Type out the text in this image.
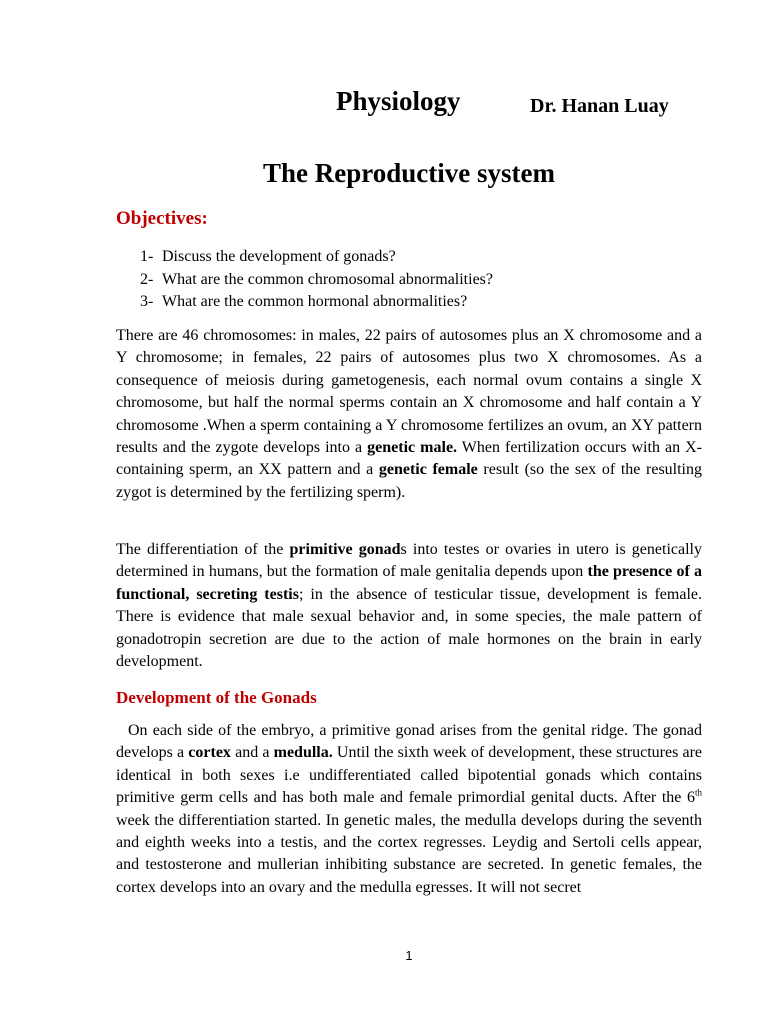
Physiology	Dr. Hanan Luay
The Reproductive system
Objectives:
1- Discuss the development of gonads?
2- What are the common chromosomal abnormalities?
3- What are the common hormonal abnormalities?

There are 46 chromosomes: in males, 22 pairs of autosomes plus an X chromosome and a Y chromosome; in females, 22 pairs of autosomes plus two X chromosomes. As a consequence of meiosis during gametogenesis, each normal ovum contains a single X chromosome, but half the normal sperms contain an X chromosome and half contain a Y chromosome .When a sperm containing a Y chromosome fertilizes an ovum, an XY pattern results and the zygote develops into a genetic male. When fertilization occurs with an X-containing sperm, an XX pattern and a genetic female result (so the sex of the resulting zygot is determined by the fertilizing sperm).

The differentiation of the primitive gonads into testes or ovaries in utero is genetically determined in humans, but the formation of male genitalia depends upon the presence of a functional, secreting testis; in the absence of testicular tissue, development is female. There is evidence that male sexual behavior and, in some species, the male pattern of gonadotropin secretion are due to the action of male hormones on the brain in early development.

Development of the Gonads

On each side of the embryo, a primitive gonad arises from the genital ridge. The gonad develops a cortex and a medulla. Until the sixth week of development, these structures are identical in both sexes i.e undifferentiated called bipotential gonads which contains primitive germ cells and has both male and female primordial genital ducts. After the 6th week the differentiation started. In genetic males, the medulla develops during the seventh and eighth weeks into a testis, and the cortex regresses. Leydig and Sertoli cells appear, and testosterone and mullerian inhibiting substance are secreted. In genetic females, the cortex develops into an ovary and the medulla egresses. It will not secret

1
